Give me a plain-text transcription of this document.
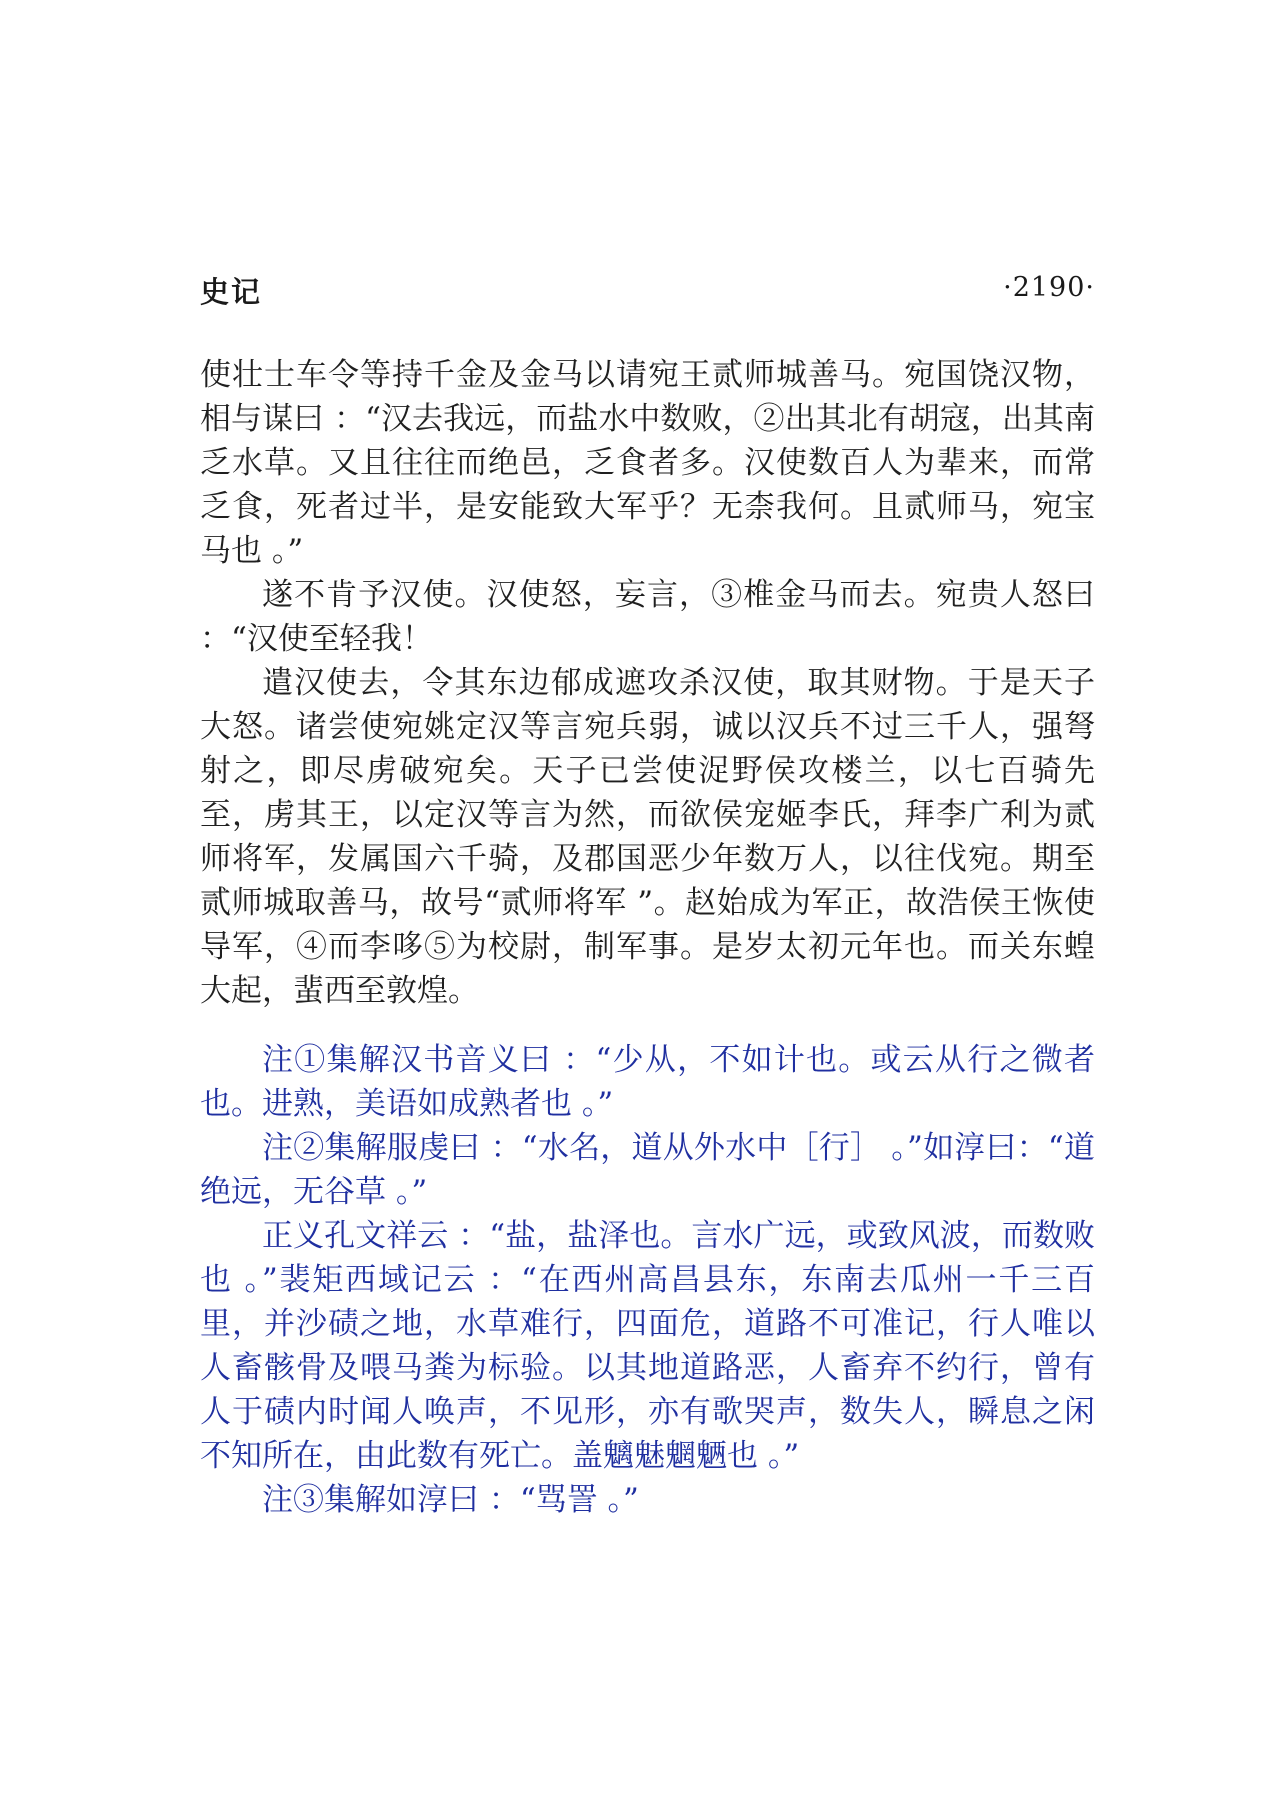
史记	·2190·

使壮士车令等持千金及金马以请宛王贰师城善马。宛国饶汉物，相与谋曰 ：“汉去我远，而盐水中数败，②出其北有胡寇，出其南乏水草。又且往往而绝邑，乏食者多。汉使数百人为辈来，而常乏食，死者过半，是安能致大军乎？无柰我何。且贰师马，宛宝马也 。”

遂不肯予汉使。汉使怒，妄言，③椎金马而去。宛贵人怒曰 ：“汉使至轻我！

遣汉使去，令其东边郁成遮攻杀汉使，取其财物。于是天子大怒。诸尝使宛姚定汉等言宛兵弱，诚以汉兵不过三千人，强弩射之，即尽虏破宛矣。天子已尝使浞野侯攻楼兰，以七百骑先至，虏其王，以定汉等言为然，而欲侯宠姬李氏，拜李广利为贰师将军，发属国六千骑，及郡国恶少年数万人，以往伐宛。期至贰师城取善马，故号“贰师将军 ”。赵始成为军正，故浩侯王恢使导军，④而李哆⑤为校尉，制军事。是岁太初元年也。而关东蝗大起，蜚西至敦煌。

注①集解汉书音义曰 ：“少从，不如计也。或云从行之微者也。进熟，美语如成熟者也 。”

注②集解服虔曰 ：“水名，道从外水中［行］ 。”如淳曰：“道绝远，无谷草 。”

正义孔文祥云 ：“盐，盐泽也。言水广远，或致风波，而数败也 。”裴矩西域记云 ：“在西州高昌县东，东南去瓜州一千三百里，并沙碛之地，水草难行，四面危，道路不可准记，行人唯以人畜骸骨及喂马粪为标验。以其地道路恶，人畜弃不约行，曾有人于碛内时闻人唤声，不见形，亦有歌哭声，数失人，瞬息之闲不知所在，由此数有死亡。盖魑魅魍魉也 。”

注③集解如淳曰 ：“骂詈 。”
